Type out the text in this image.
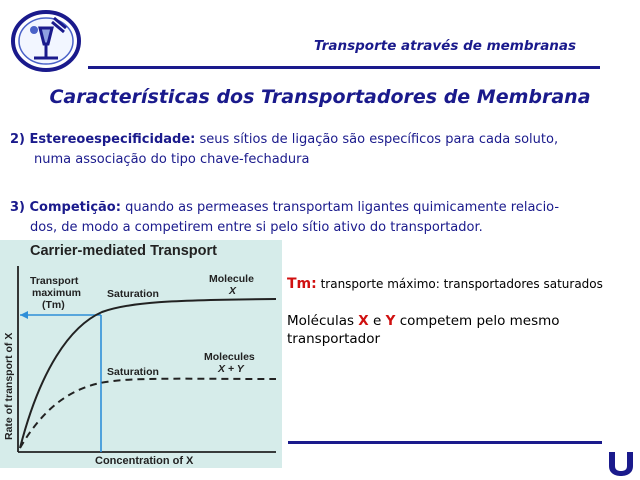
Transporte através de membranas
Características dos Transportadores de Membrana
2) Estereoespecificidade: seus sítios de ligação são específicos para cada soluto,
numa associação do tipo chave-fechadura
3) Competição: quando as permeases transportam ligantes quimicamente relacio-
dos, de modo a competirem entre si pelo sítio ativo do transportador.
Carrier-mediated Transport
Transport
maximum
(Tm)
Saturation
Saturation
Molecule
X
Molecules
X + Y
Concentration of X
Rate of transport of X
Tm: transporte máximo: transportadores saturados
Moléculas X e Y competem pelo mesmo transportador
